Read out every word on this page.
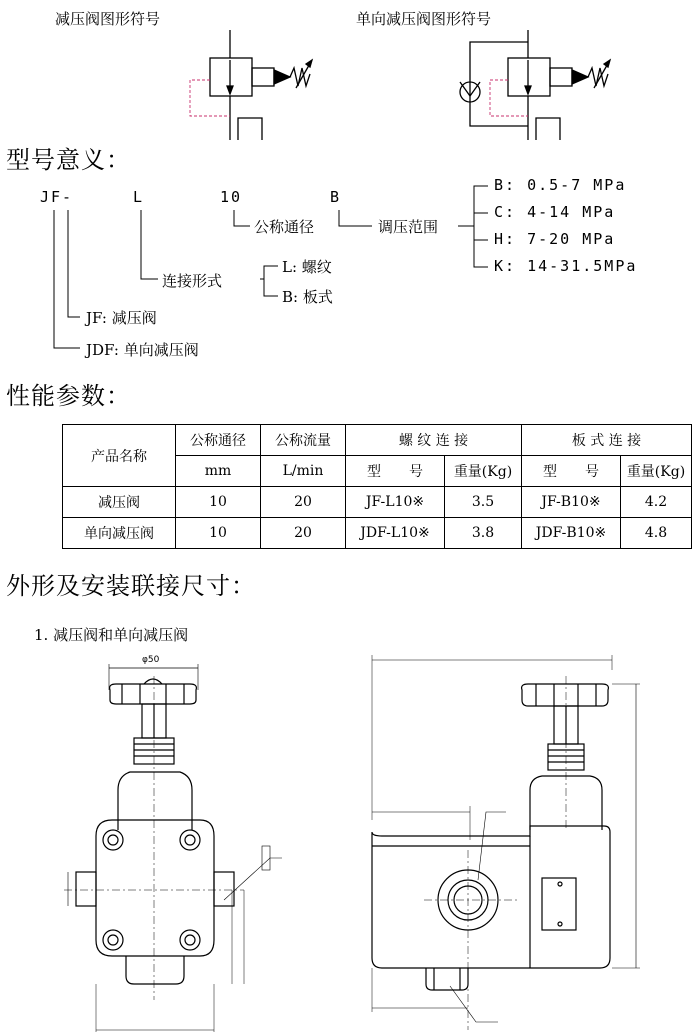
减压阀图形符号	单向减压阀图形符号
型号意义：
JF-	L	10	B
公称通径	调压范围
B: 0.5-7 MPa
C: 4-14 MPa
H: 7-20 MPa
K: 14-31.5MPa
连接形式
L: 螺纹
B: 板式
JF: 减压阀
JDF: 单向减压阀
性能参数：
产品名称	公称通径	公称流量	螺 纹 连 接		板 式 连 接	
	mm	L/min	型　　号	重量(Kg)	型　　号	重量(Kg)
减压阀	10	20	JF-L10※	3.5	JF-B10※	4.2
单向减压阀	10	20	JDF-L10※	3.8	JDF-B10※	4.8
外形及安装联接尺寸：
1. 减压阀和单向减压阀
φ50
